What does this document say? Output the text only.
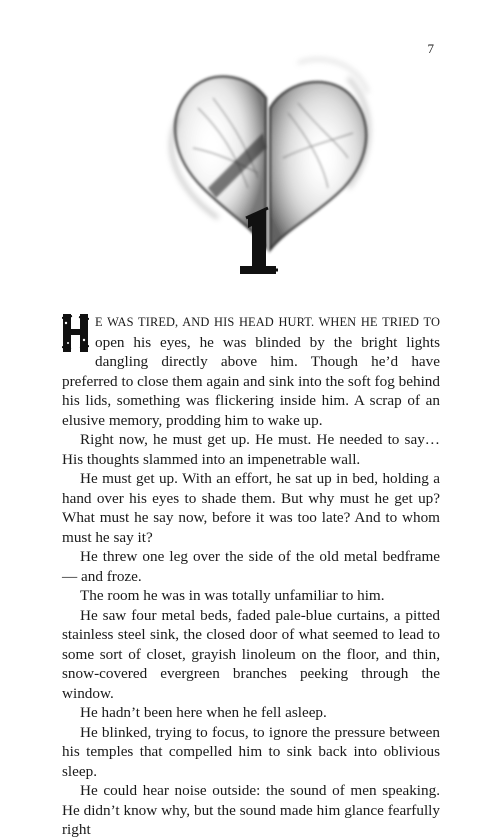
7

E WAS TIRED, AND HIS HEAD HURT. WHEN HE TRIED TO open his eyes, he was blinded by the bright lights dangling directly above him. Though he’d have preferred to close them again and sink into the soft fog behind his lids, something was flickering inside him. A scrap of an elusive memory, prodding him to wake up.

Right now, he must get up. He must. He needed to say… His thoughts slammed into an impenetrable wall.

He must get up. With an effort, he sat up in bed, holding a hand over his eyes to shade them. But why must he get up? What must he say now, before it was too late? And to whom must he say it?

He threw one leg over the side of the old metal bedframe — and froze.

The room he was in was totally unfamiliar to him.

He saw four metal beds, faded pale-blue curtains, a pitted stainless steel sink, the closed door of what seemed to lead to some sort of closet, grayish linoleum on the floor, and thin, snow-covered evergreen branches peeking through the window.

He hadn’t been here when he fell asleep.

He blinked, trying to focus, to ignore the pressure between his temples that compelled him to sink back into oblivious sleep.

He could hear noise outside: the sound of men speaking. He didn’t know why, but the sound made him glance fearfully right
